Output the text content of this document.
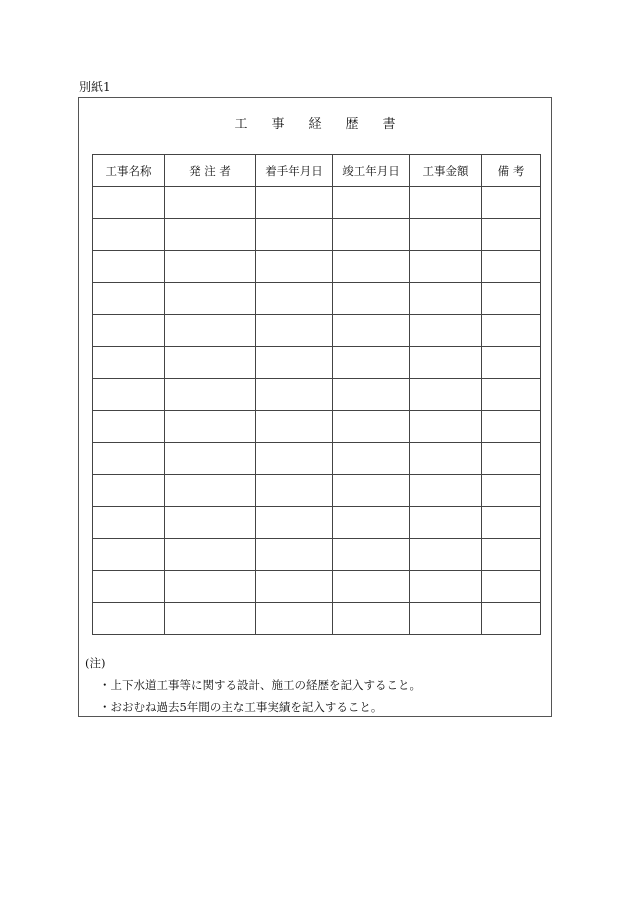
別紙1
工事経歴書
工事名称	発 注 者	着手年月日	竣工年月日	工事金額	備 考

(注)
・上下水道工事等に関する設計、施工の経歴を記入すること。
・おおむね過去5年間の主な工事実績を記入すること。
